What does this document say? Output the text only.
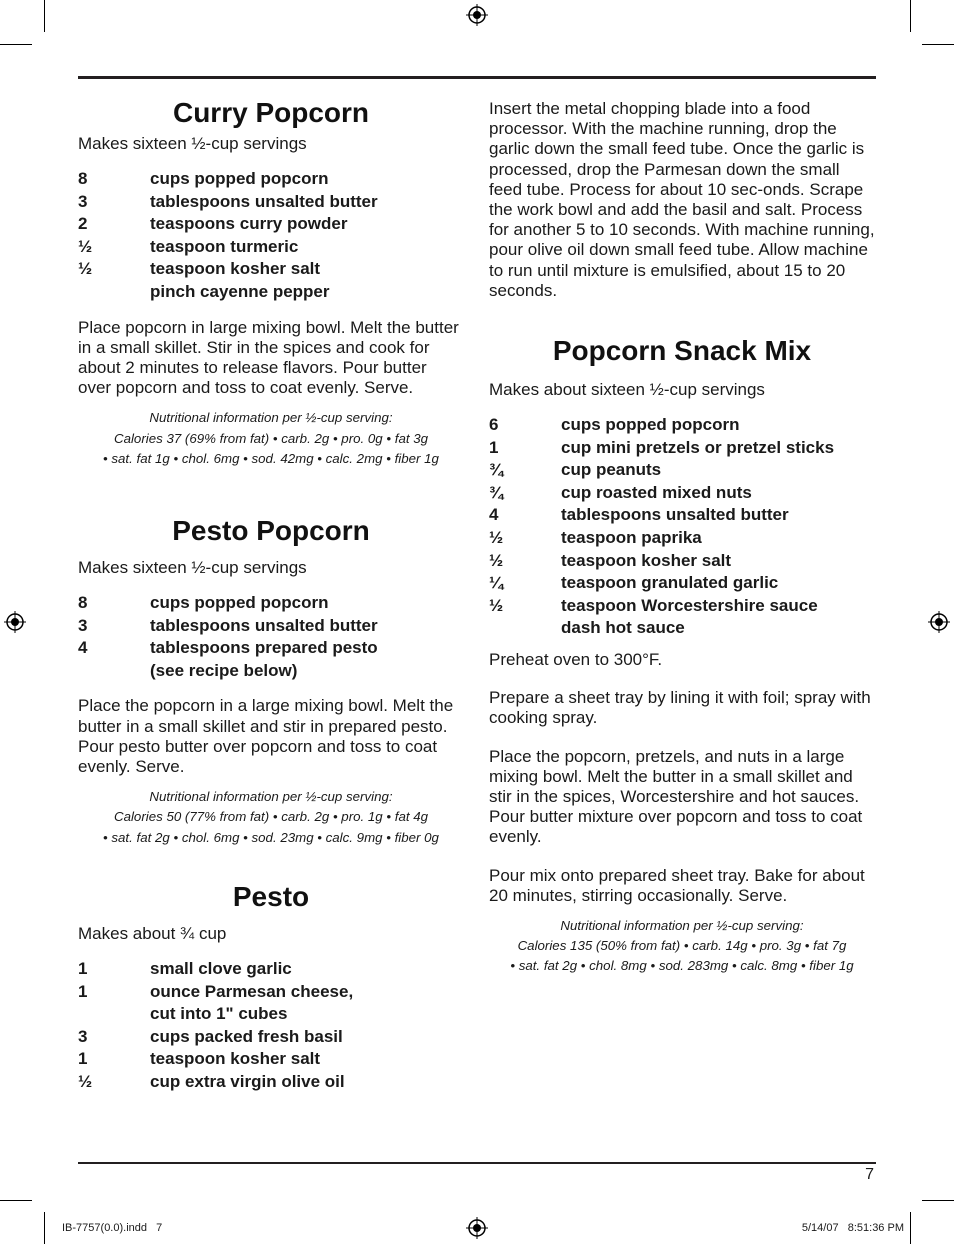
Curry Popcorn
Makes sixteen ½-cup servings
8	cups popped popcorn
3	tablespoons unsalted butter
2	teaspoons curry powder
½	teaspoon turmeric
½	teaspoon kosher salt
pinch cayenne pepper

Place popcorn in large mixing bowl. Melt the butter in a small skillet. Stir in the spices and cook for about 2 minutes to release flavors. Pour butter over popcorn and toss to coat evenly. Serve.

Nutritional information per ½-cup serving:
Calories 37 (69% from fat) • carb. 2g • pro. 0g • fat 3g
• sat. fat 1g • chol. 6mg • sod. 42mg • calc. 2mg • fiber 1g
Pesto Popcorn
Makes sixteen ½-cup servings
8	cups popped popcorn
3	tablespoons unsalted butter
4	tablespoons prepared pesto
(see recipe below)

Place the popcorn in a large mixing bowl. Melt the butter in a small skillet and stir in prepared pesto. Pour pesto butter over popcorn and toss to coat evenly. Serve.

Nutritional information per ½-cup serving:
Calories 50 (77% from fat) • carb. 2g • pro. 1g • fat 4g
• sat. fat 2g • chol. 6mg • sod. 23mg • calc. 9mg • fiber 0g
Pesto
Makes about ¾ cup
1	small clove garlic
1	ounce Parmesan cheese,
cut into 1" cubes
3	cups packed fresh basil
1	teaspoon kosher salt
½	cup extra virgin olive oil

Insert the metal chopping blade into a food processor. With the machine running, drop the garlic down the small feed tube. Once the garlic is processed, drop the Parmesan down the small feed tube. Process for about 10 sec-onds. Scrape the work bowl and add the basil and salt. Process for another 5 to 10 seconds. With machine running, pour olive oil down small feed tube. Allow machine to run until mixture is emulsified, about 15 to 20 seconds.

Popcorn Snack Mix
Makes about sixteen ½-cup servings
6	cups popped popcorn
1	cup mini pretzels or pretzel sticks
¾	cup peanuts
¾	cup roasted mixed nuts
4	tablespoons unsalted butter
½	teaspoon paprika
½	teaspoon kosher salt
¼	teaspoon granulated garlic
½	teaspoon Worcestershire sauce
dash hot sauce

Preheat oven to 300°F.

Prepare a sheet tray by lining it with foil; spray with cooking spray.

Place the popcorn, pretzels, and nuts in a large mixing bowl. Melt the butter in a small skillet and stir in the spices, Worcestershire and hot sauces. Pour butter mixture over popcorn and toss to coat evenly.

Pour mix onto prepared sheet tray. Bake for about 20 minutes, stirring occasionally. Serve.

Nutritional information per ½-cup serving:
Calories 135 (50% from fat) • carb. 14g • pro. 3g • fat 7g
• sat. fat 2g • chol. 8mg • sod. 283mg • calc. 8mg • fiber 1g
7
IB-7757(0.0).indd   7	5/14/07   8:51:36 PM
